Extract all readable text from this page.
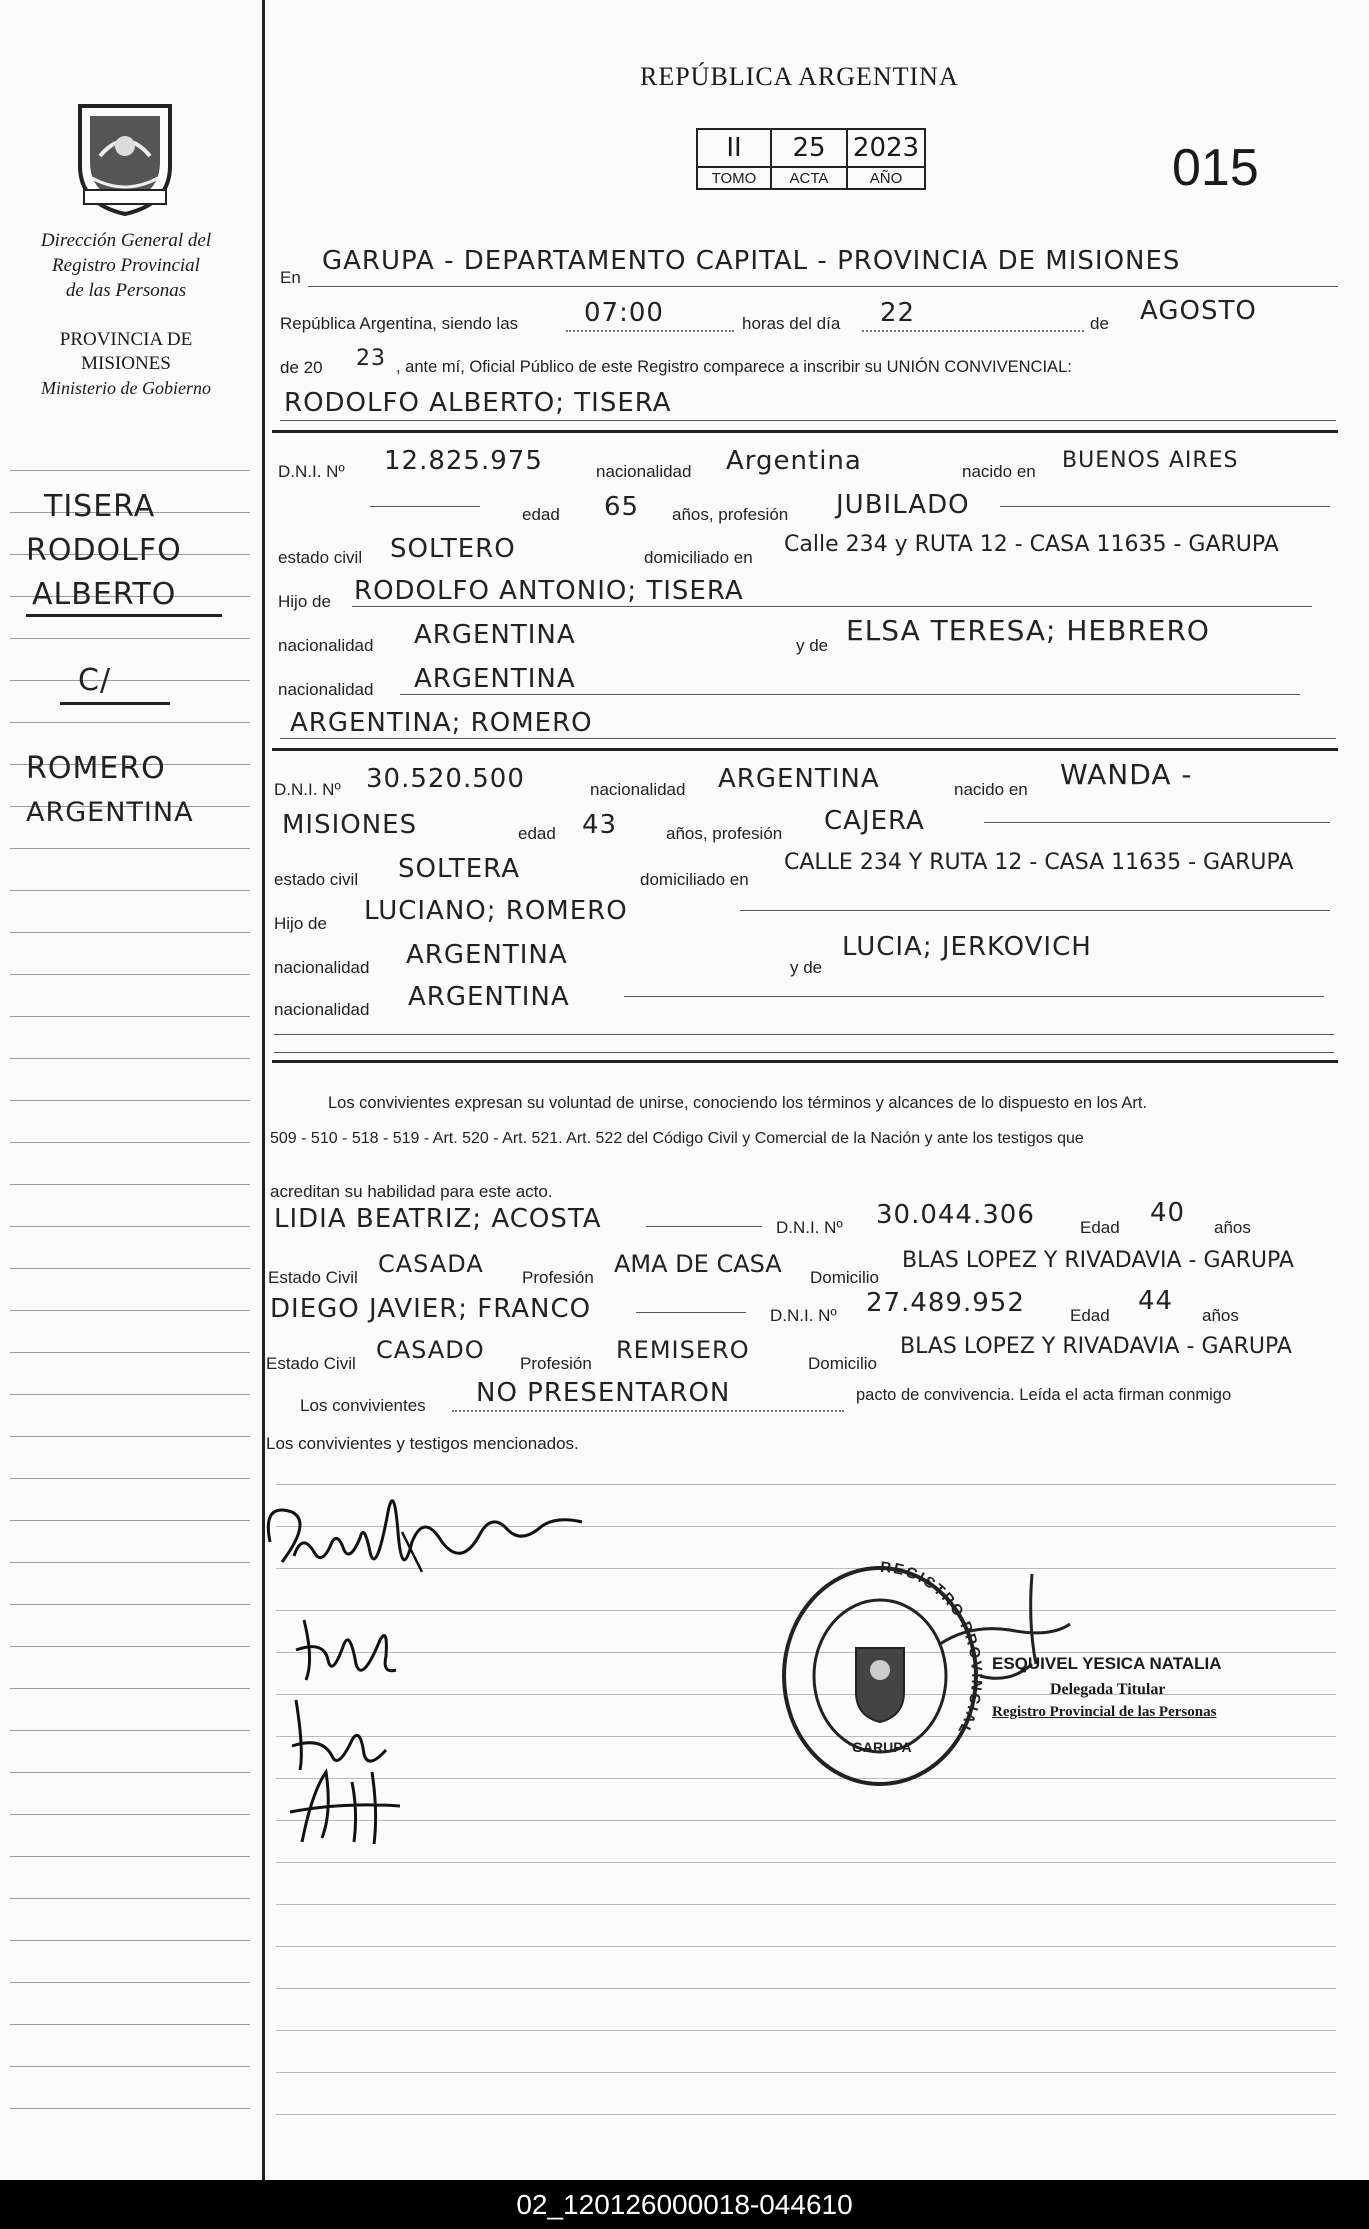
Dirección General del
Registro Provincial
de las Personas
PROVINCIA DE
MISIONES
Ministerio de Gobierno
TISERA
RODOLFO
ALBERTO
C/
ROMERO
ARGENTINA
REPÚBLICA ARGENTINA
II	25	2023
TOMO	ACTA	AÑO	015
En
GARUPA - DEPARTAMENTO CAPITAL - PROVINCIA DE MISIONES
República Argentina, siendo las	07:00	horas del día 22	de AGOSTO
de 20 23 , ante mí, Oficial Público de este Registro comparece a inscribir su UNIÓN CONVIVENCIAL:
RODOLFO ALBERTO; TISERA
D.N.I. Nº 12.825.975	nacionalidad Argentina	nacido en BUENOS AIRES
edad 65 años, profesión JUBILADO
estado civil SOLTERO	domiciliado en
Calle 234 y RUTA 12 - CASA 11635 - GARUPA
Hijo de RODOLFO ANTONIO; TISERA
nacionalidad ARGENTINA	y de ELSA TERESA; HEBRERO
nacionalidad ARGENTINA
ARGENTINA; ROMERO
D.N.I. Nº 30.520.500	nacionalidad ARGENTINA	nacido en WANDA -
MISIONES	edad 43	años, profesión CAJERA
estado civil SOLTERA	domiciliado en
CALLE 234 Y RUTA 12 - CASA 11635 - GARUPA
Hijo de LUCIANO; ROMERO
nacionalidad ARGENTINA	y de
LUCIA; JERKOVICH
nacionalidad ARGENTINA
Los convivientes expresan su voluntad de unirse, conociendo los términos y alcances de lo dispuesto en los Art.
509 - 510 - 518 - 519 - Art. 520 - Art. 521. Art. 522 del Código Civil y Comercial de la Nación y ante los testigos que
acreditan su habilidad para este acto.
LIDIA BEATRIZ; ACOSTA	D.N.I. Nº 30.044.306	Edad 40 años
Estado Civil CASADA Profesión AMA DE CASA Domicilio
BLAS LOPEZ Y RIVADAVIA - GARUPA
DIEGO JAVIER; FRANCO	D.N.I. Nº 27.489.952	Edad 44 años
Estado Civil CASADO Profesión REMISERO	Domicilio
BLAS LOPEZ Y RIVADAVIA - GARUPA
Los convivientes NO PRESENTARON	pacto de convivencia. Leída el acta firman conmigo
Los convivientes y testigos mencionados.
REGISTRO PROVINCIAL
GARUPA
ESQUIVEL YESICA NATALIA
Delegada Titular
Registro Provincial de las Personas
02_120126000018-044610
